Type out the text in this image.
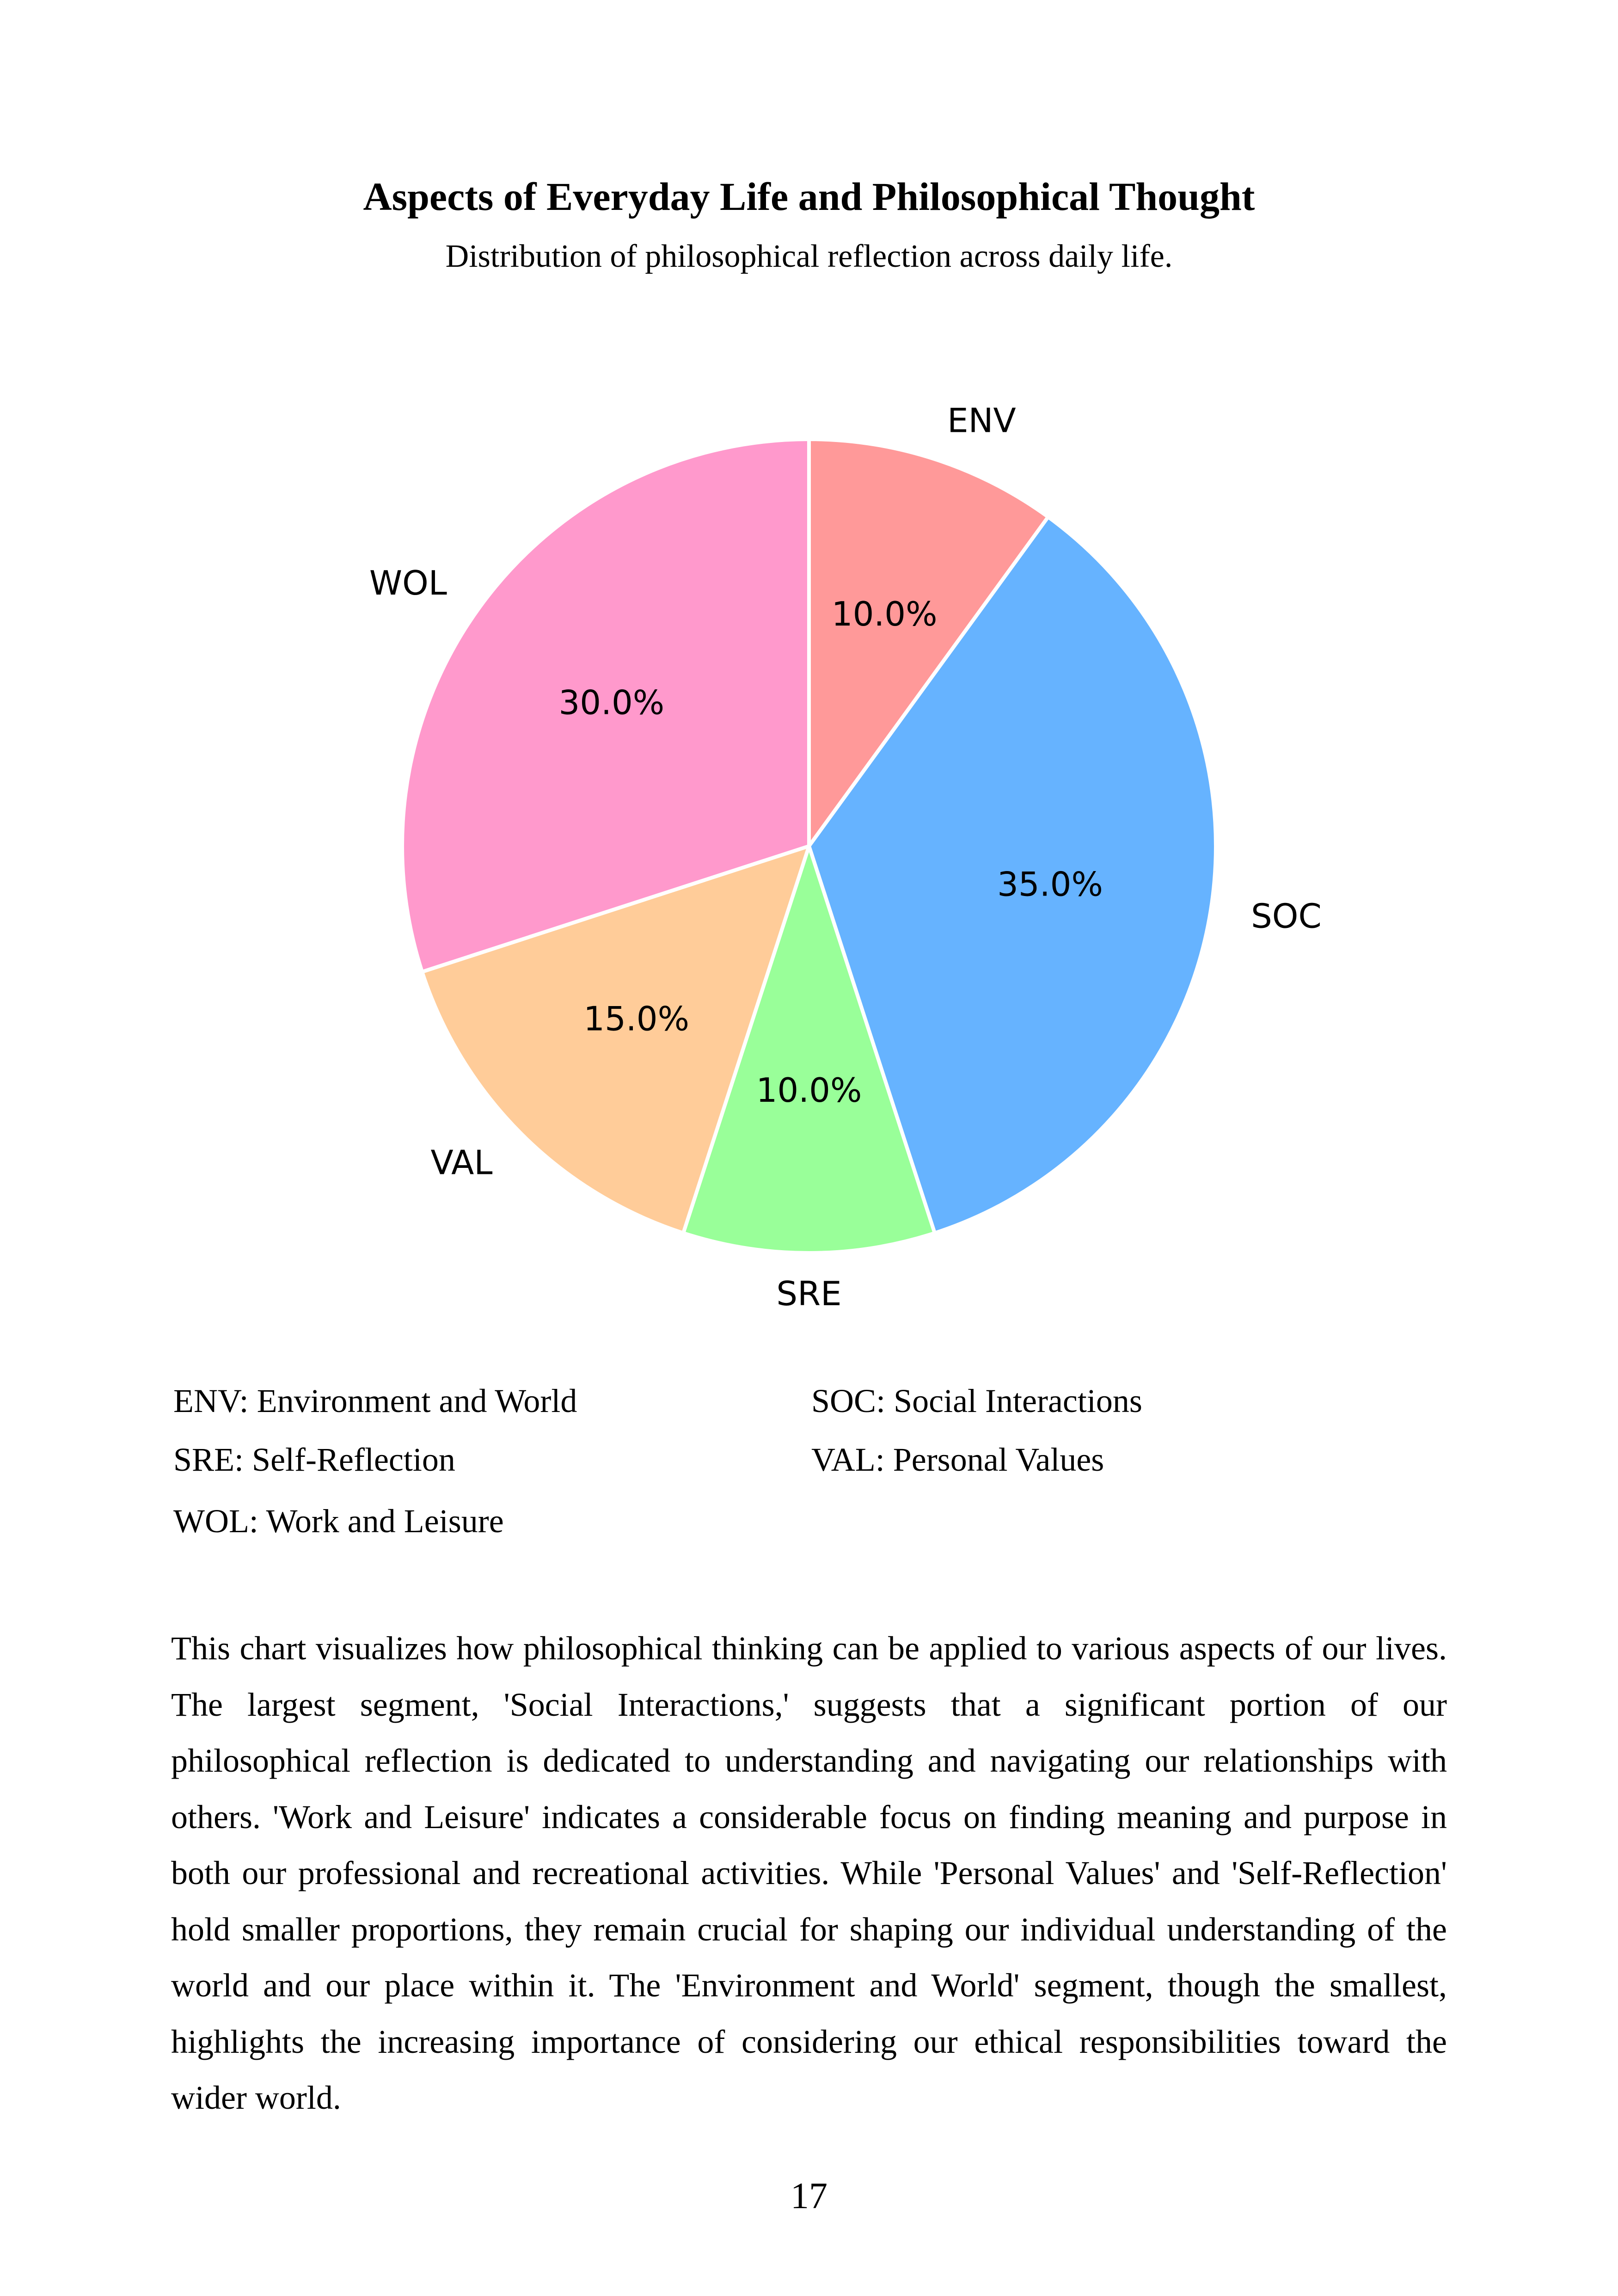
Aspects of Everyday Life and Philosophical Thought

Distribution of philosophical reflection across daily life.

10.0%
35.0%
10.0%
15.0%
30.0%
ENV
SOC
SRE
VAL
WOL
ENV: Environment and World	SOC: Social Interactions
SRE: Self-Reflection	VAL: Personal Values
WOL: Work and Leisure

This chart visualizes how philosophical thinking can be applied to various aspects of our lives. The largest segment, 'Social Interactions,' suggests that a significant portion of our philosophical reflection is dedicated to understanding and navigating our relationships with others. 'Work and Leisure' indicates a considerable focus on finding meaning and purpose in both our professional and recreational activities. While 'Personal Values' and 'Self-Reflection' hold smaller proportions, they remain crucial for shaping our individual understanding of the world and our place within it. The 'Environment and World' segment, though the smallest, highlights the increasing importance of considering our ethical responsibilities toward the wider world.

17
